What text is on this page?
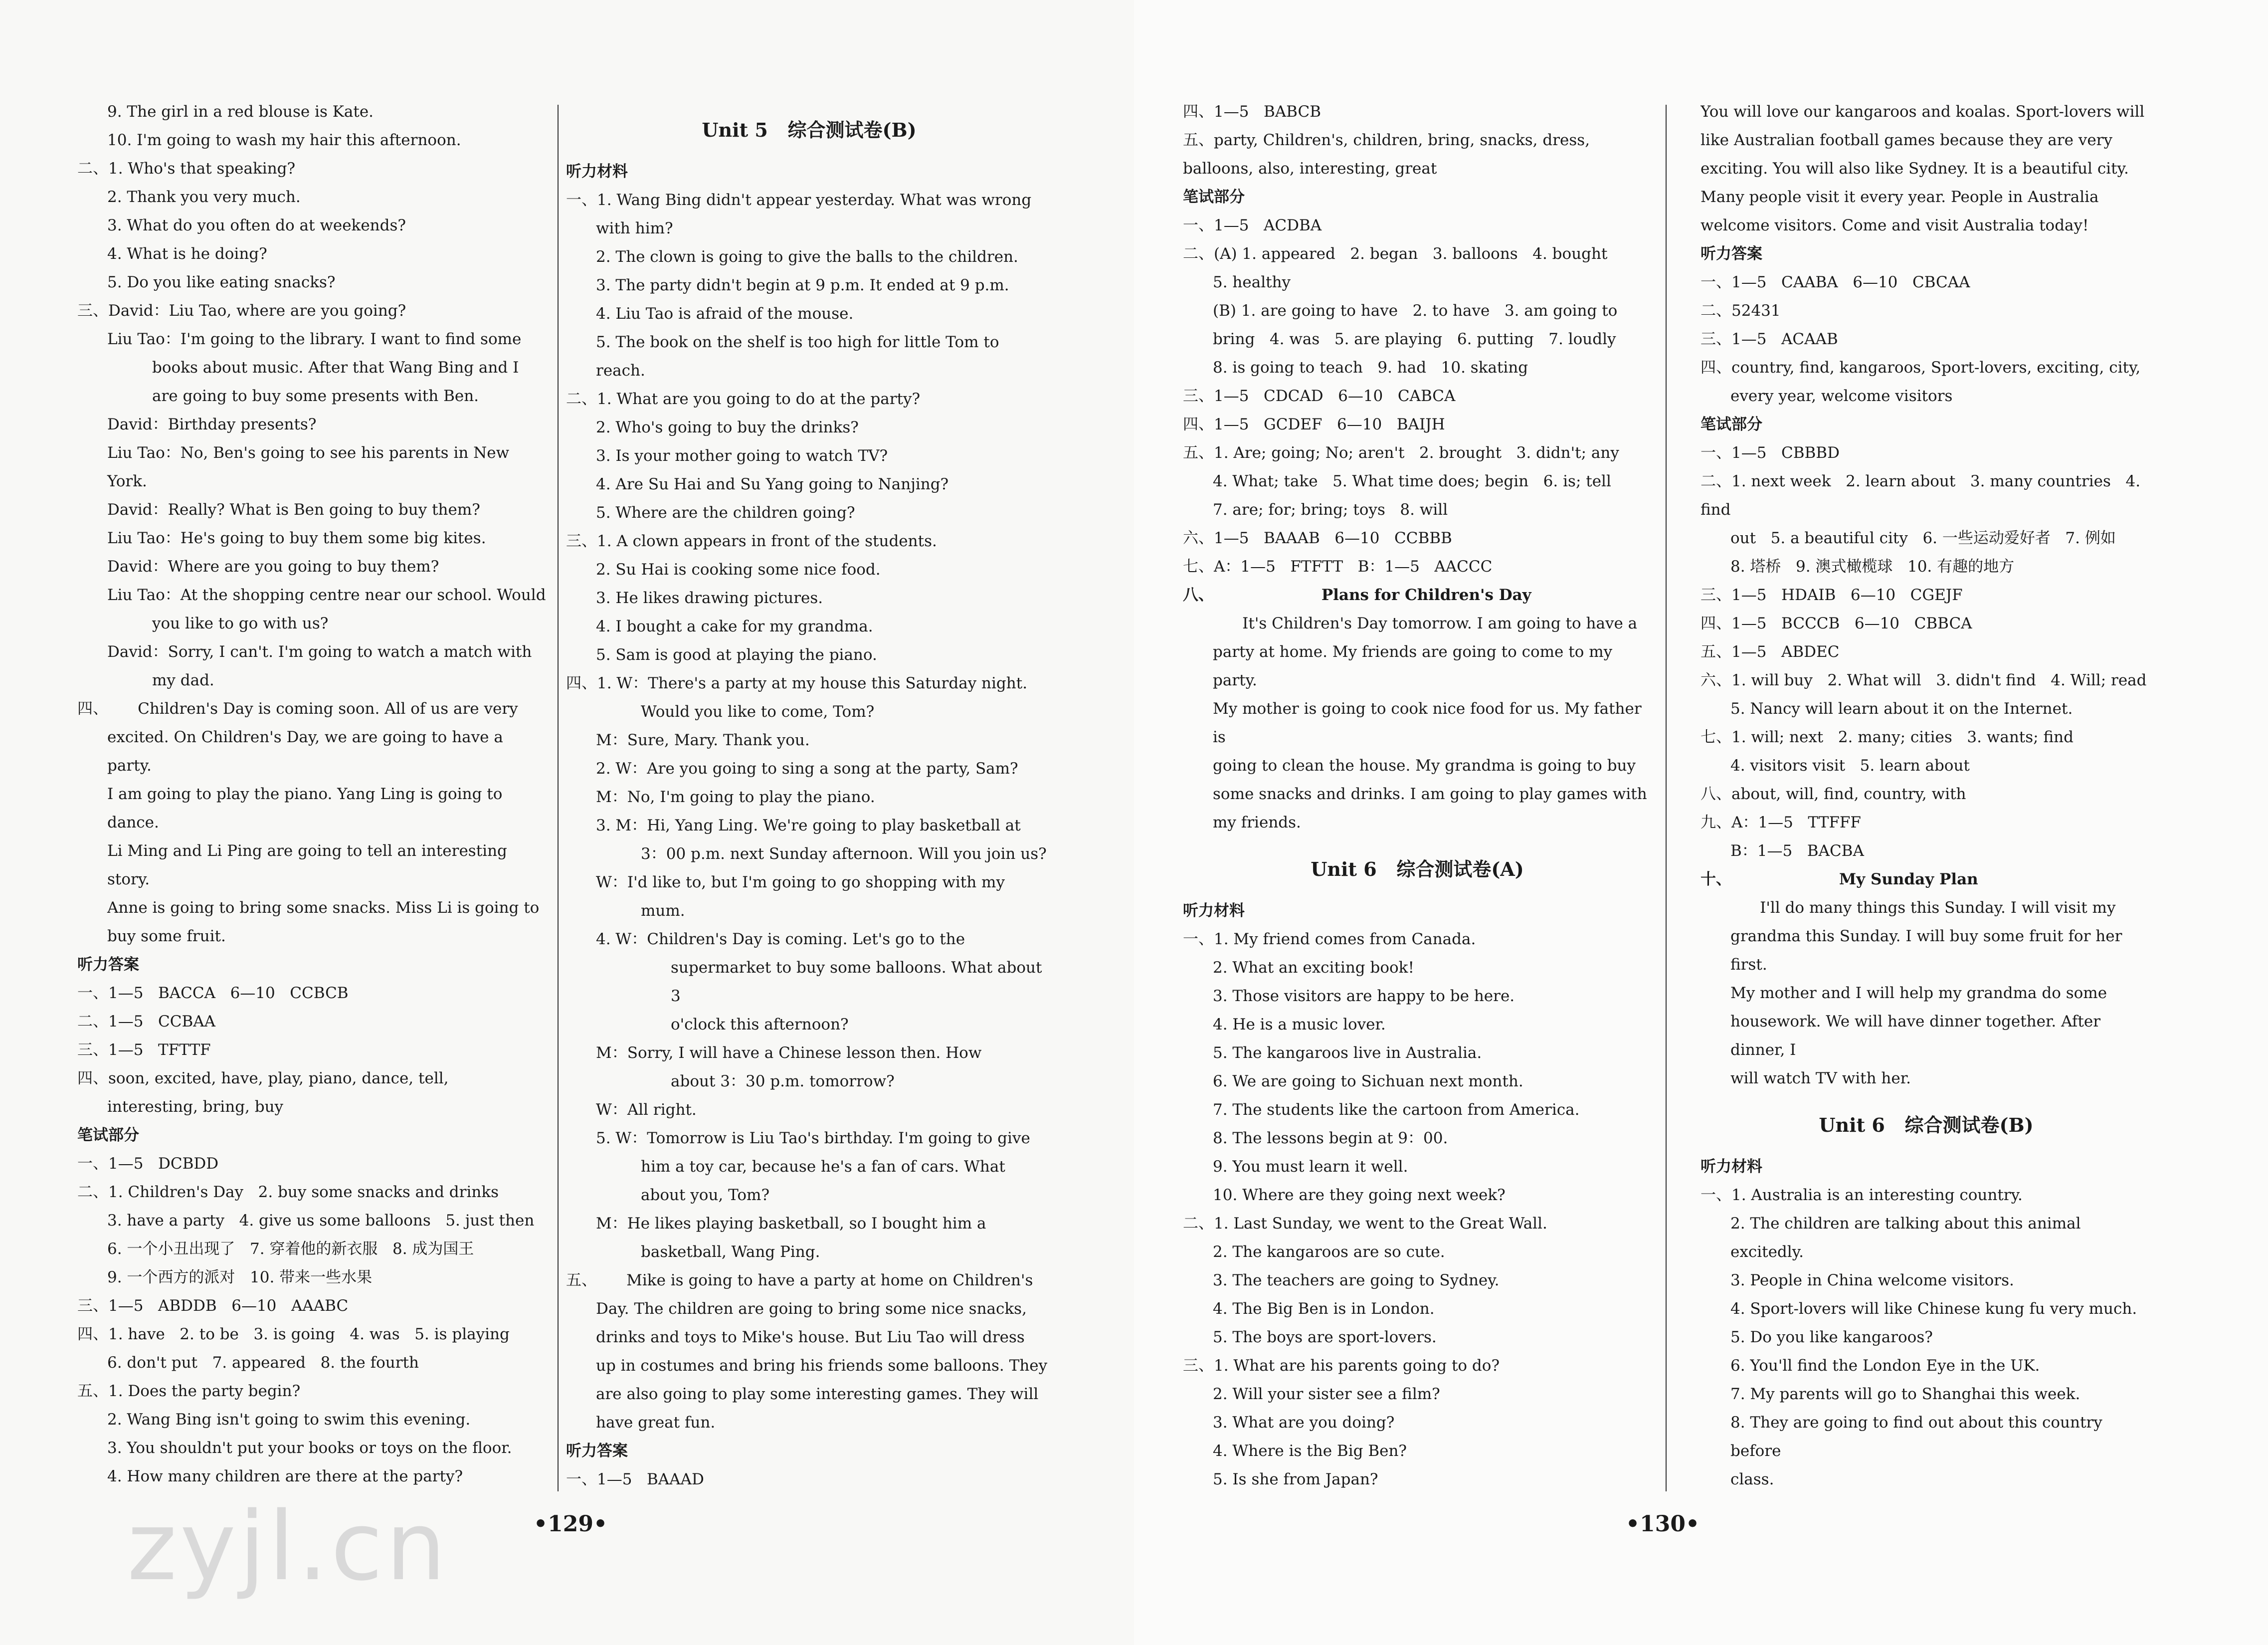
9. The girl in a red blouse is Kate.
10. I'm going to wash my hair this afternoon.
二、1. Who's that speaking?
2. Thank you very much.
3. What do you often do at weekends?
4. What is he doing?
5. Do you like eating snacks?
三、David：Liu Tao, where are you going?
Liu Tao：I'm going to the library. I want to find some
books about music. After that Wang Bing and I
are going to buy some presents with Ben.
David：Birthday presents?
Liu Tao：No, Ben's going to see his parents in New York.
David：Really? What is Ben going to buy them?
Liu Tao：He's going to buy them some big kites.
David：Where are you going to buy them?
Liu Tao：At the shopping centre near our school. Would
you like to go with us?
David：Sorry, I can't. I'm going to watch a match with
my dad.
四、      Children's Day is coming soon. All of us are very
excited. On Children's Day, we are going to have a party.
I am going to play the piano. Yang Ling is going to dance.
Li Ming and Li Ping are going to tell an interesting story.
Anne is going to bring some snacks. Miss Li is going to
buy some fruit.
听力答案
一、1—5   BACCA   6—10   CCBCB
二、1—5   CCBAA
三、1—5   TFTTF
四、soon, excited, have, play, piano, dance, tell,
interesting, bring, buy
笔试部分
一、1—5   DCBDD
二、1. Children's Day   2. buy some snacks and drinks
3. have a party   4. give us some balloons   5. just then
6. 一个小丑出现了   7. 穿着他的新衣服   8. 成为国王
9. 一个西方的派对   10. 带来一些水果
三、1—5   ABDDB   6—10   AAABC
四、1. have   2. to be   3. is going   4. was   5. is playing
6. don't put   7. appeared   8. the fourth
五、1. Does the party begin?
2. Wang Bing isn't going to swim this evening.
3. You shouldn't put your books or toys on the floor.
4. How many children are there at the party?
Unit 5   综合测试卷(B)
听力材料
一、1. Wang Bing didn't appear yesterday. What was wrong
with him?
2. The clown is going to give the balls to the children.
3. The party didn't begin at 9 p.m. It ended at 9 p.m.
4. Liu Tao is afraid of the mouse.
5. The book on the shelf is too high for little Tom to
reach.
二、1. What are you going to do at the party?
2. Who's going to buy the drinks?
3. Is your mother going to watch TV?
4. Are Su Hai and Su Yang going to Nanjing?
5. Where are the children going?
三、1. A clown appears in front of the students.
2. Su Hai is cooking some nice food.
3. He likes drawing pictures.
4. I bought a cake for my grandma.
5. Sam is good at playing the piano.
四、1. W：There's a party at my house this Saturday night.
Would you like to come, Tom?
M：Sure, Mary. Thank you.
2. W：Are you going to sing a song at the party, Sam?
M：No, I'm going to play the piano.
3. M：Hi, Yang Ling. We're going to play basketball at
3：00 p.m. next Sunday afternoon. Will you join us?
W：I'd like to, but I'm going to go shopping with my
mum.
4. W：Children's Day is coming. Let's go to the
supermarket to buy some balloons. What about 3
o'clock this afternoon?
M：Sorry, I will have a Chinese lesson then. How
about 3：30 p.m. tomorrow?
W：All right.
5. W：Tomorrow is Liu Tao's birthday. I'm going to give
him a toy car, because he's a fan of cars. What
about you, Tom?
M：He likes playing basketball, so I bought him a
basketball, Wang Ping.
五、      Mike is going to have a party at home on Children's
Day. The children are going to bring some nice snacks,
drinks and toys to Mike's house. But Liu Tao will dress
up in costumes and bring his friends some balloons. They
are also going to play some interesting games. They will
have great fun.
听力答案
一、1—5   BAAAD
四、1—5   BABCB
五、party, Children's, children, bring, snacks, dress,
balloons, also, interesting, great
笔试部分
一、1—5   ACDBA
二、(A) 1. appeared   2. began   3. balloons   4. bought
5. healthy
(B) 1. are going to have   2. to have   3. am going to
bring   4. was   5. are playing   6. putting   7. loudly
8. is going to teach   9. had   10. skating
三、1—5   CDCAD   6—10   CABCA
四、1—5   GCDEF   6—10   BAIJH
五、1. Are; going; No; aren't   2. brought   3. didn't; any
4. What; take   5. What time does; begin   6. is; tell
7. are; for; bring; toys   8. will
六、1—5   BAAAB   6—10   CCBBB
七、A：1—5   FTFTT   B：1—5   AACCC
八、                    Plans for Children's Day
It's Children's Day tomorrow. I am going to have a
party at home. My friends are going to come to my party.
My mother is going to cook nice food for us. My father is
going to clean the house. My grandma is going to buy
some snacks and drinks. I am going to play games with
my friends.
Unit 6   综合测试卷(A)
听力材料
一、1. My friend comes from Canada.
2. What an exciting book!
3. Those visitors are happy to be here.
4. He is a music lover.
5. The kangaroos live in Australia.
6. We are going to Sichuan next month.
7. The students like the cartoon from America.
8. The lessons begin at 9：00.
9. You must learn it well.
10. Where are they going next week?
二、1. Last Sunday, we went to the Great Wall.
2. The kangaroos are so cute.
3. The teachers are going to Sydney.
4. The Big Ben is in London.
5. The boys are sport-lovers.
三、1. What are his parents going to do?
2. Will your sister see a film?
3. What are you doing?
4. Where is the Big Ben?
5. Is she from Japan?
You will love our kangaroos and koalas. Sport-lovers will
like Australian football games because they are very
exciting. You will also like Sydney. It is a beautiful city.
Many people visit it every year. People in Australia
welcome visitors. Come and visit Australia today!
听力答案
一、1—5   CAABA   6—10   CBCAA
二、52431
三、1—5   ACAAB
四、country, find, kangaroos, Sport-lovers, exciting, city,
every year, welcome visitors
笔试部分
一、1—5   CBBBD
二、1. next week   2. learn about   3. many countries   4. find
out   5. a beautiful city   6. 一些运动爱好者   7. 例如
8. 塔桥   9. 澳式橄榄球   10. 有趣的地方
三、1—5   HDAIB   6—10   CGEJF
四、1—5   BCCCB   6—10   CBBCA
五、1—5   ABDEC
六、1. will buy   2. What will   3. didn't find   4. Will; read
5. Nancy will learn about it on the Internet.
七、1. will; next   2. many; cities   3. wants; find
4. visitors visit   5. learn about
八、about, will, find, country, with
九、A：1—5   TTFFF
B：1—5   BACBA
十、                    My Sunday Plan
I'll do many things this Sunday. I will visit my
grandma this Sunday. I will buy some fruit for her first.
My mother and I will help my grandma do some
housework. We will have dinner together. After dinner, I
will watch TV with her.
Unit 6   综合测试卷(B)
听力材料
一、1. Australia is an interesting country.
2. The children are talking about this animal excitedly.
3. People in China welcome visitors.
4. Sport-lovers will like Chinese kung fu very much.
5. Do you like kangaroos?
6. You'll find the London Eye in the UK.
7. My parents will go to Shanghai this week.
8. They are going to find out about this country before
class.
•129•	•130•
zyjl.cn
